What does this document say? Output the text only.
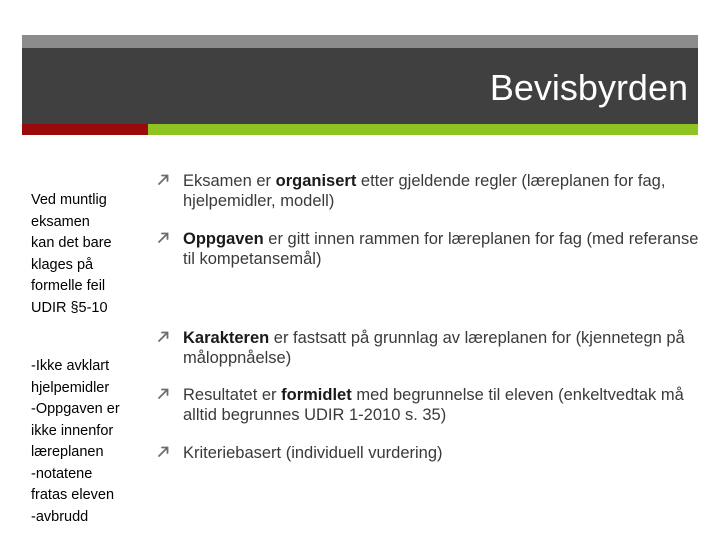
Bevisbyrden
Ved muntlig
eksamen
kan det bare
klages på
formelle feil
UDIR §5-10
-Ikke avklart
hjelpemidler
-Oppgaven er
ikke innenfor
læreplanen
-notatene
fratas eleven
-avbrudd
Eksamen er organisert etter gjeldende regler (læreplanen for fag, hjelpemidler, modell)
Oppgaven er gitt innen rammen for læreplanen for fag (med referanse til kompetansemål)
Karakteren er fastsatt på grunnlag av læreplanen for (kjennetegn på måloppnåelse)
Resultatet er formidlet med begrunnelse til eleven (enkeltvedtak må alltid begrunnes UDIR 1-2010 s. 35)
Kriteriebasert (individuell vurdering)
